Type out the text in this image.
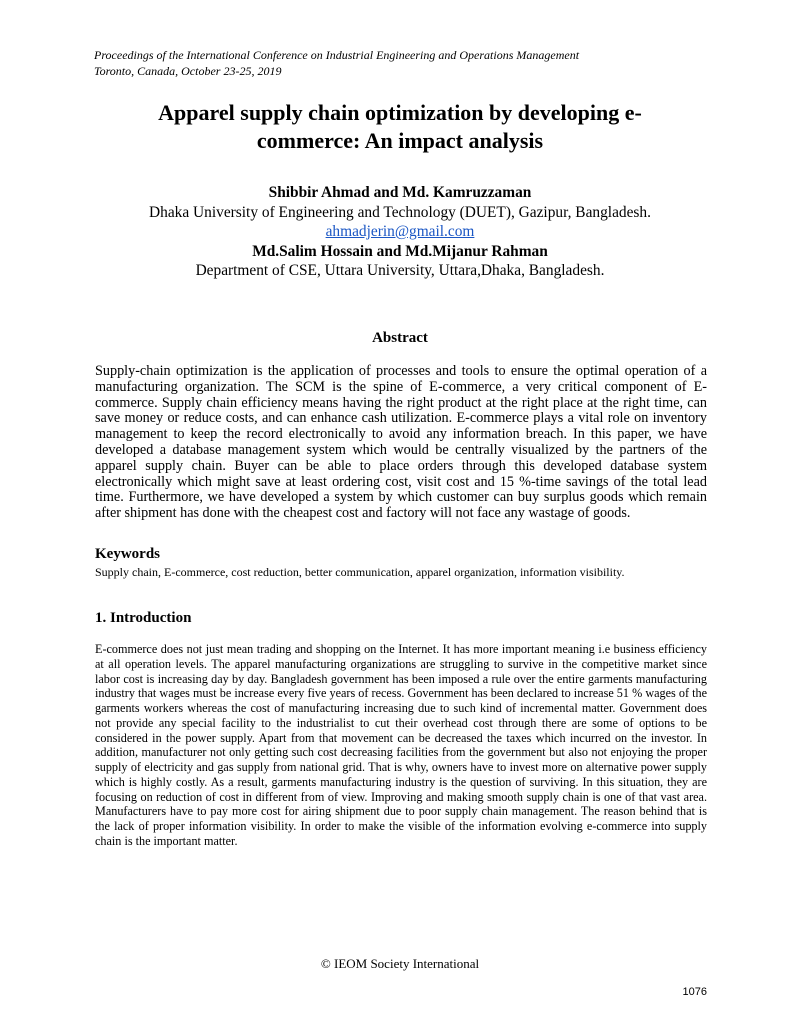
Proceedings of the International Conference on Industrial Engineering and Operations Management
Toronto, Canada, October 23-25, 2019
Apparel supply chain optimization by developing e-
commerce: An impact analysis
Shibbir Ahmad and Md. Kamruzzaman
Dhaka University of Engineering and Technology (DUET), Gazipur, Bangladesh.
ahmadjerin@gmail.com
Md.Salim Hossain and Md.Mijanur Rahman
Department of CSE, Uttara University, Uttara,Dhaka, Bangladesh.
Abstract
Supply-chain optimization is the application of processes and tools to ensure the optimal operation of a manufacturing organization. The SCM is the spine of E-commerce, a very critical component of E-commerce. Supply chain efficiency means having the right product at the right place at the right time, can save money or reduce costs, and can enhance cash utilization. E-commerce plays a vital role on inventory management to keep the record electronically to avoid any information breach. In this paper, we have developed a database management system which would be centrally visualized by the partners of the apparel supply chain. Buyer can be able to place orders through this developed database system electronically which might save at least ordering cost, visit cost and 15 %-time savings of the total lead time. Furthermore, we have developed a system by which customer can buy surplus goods which remain after shipment has done with the cheapest cost and factory will not face any wastage of goods.
Keywords
Supply chain, E-commerce, cost reduction, better communication, apparel organization, information visibility.
1. Introduction
E-commerce does not just mean trading and shopping on the Internet. It has more important meaning i.e business efficiency at all operation levels. The apparel manufacturing organizations are struggling to survive in the competitive market since labor cost is increasing day by day. Bangladesh government has been imposed a rule over the entire garments manufacturing industry that wages must be increase every five years of recess. Government has been declared to increase 51 % wages of the garments workers whereas the cost of manufacturing increasing due to such kind of incremental matter. Government does not provide any special facility to the industrialist to cut their overhead cost through there are some of options to be considered in the power supply. Apart from that movement can be decreased the taxes which incurred on the investor. In addition, manufacturer not only getting such cost decreasing facilities from the government but also not enjoying the proper supply of electricity and gas supply from national grid. That is why, owners have to invest more on alternative power supply which is highly costly. As a result, garments manufacturing industry is the question of surviving. In this situation, they are focusing on reduction of cost in different from of view. Improving and making smooth supply chain is one of that vast area. Manufacturers have to pay more cost for airing shipment due to poor supply chain management. The reason behind that is the lack of proper information visibility. In order to make the visible of the information evolving e-commerce into supply chain is the important matter.
© IEOM Society International
1076
